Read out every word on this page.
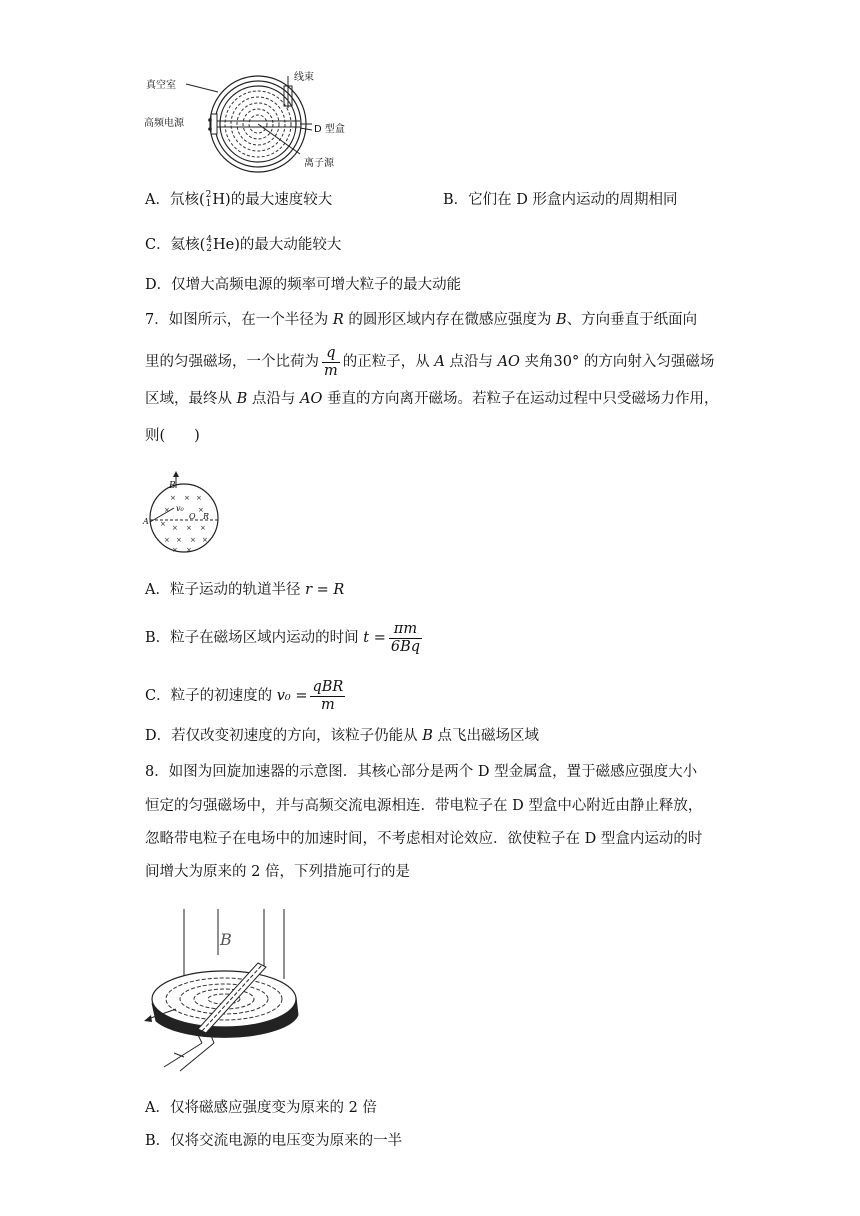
真空室
线束
高频电源
D 型盒
离子源
A．氘核( 2
1 H)的最大速度较大	B．它们在 D 形盒内运动的周期相同
C．氦核( 4
2 He)的最大动能较大
D．仅增大高频电源的频率可增大粒子的最大动能
7．如图所示，在一个半径为 R 的圆形区域内存在微感应强度为 B、方向垂直于纸面向
里的匀强磁场，一个比荷为 $\frac{q}{m}$ 的正粒子，从 A 点沿与 AO 夹角30° 的方向射入匀强磁场
区域，最终从 B 点沿与 AO 垂直的方向离开磁场。若粒子在运动过程中只受磁场力作用，
则(　　)
× × ×
×	×
× × × ×
× × × ×
× ×
B
v₀
O R
A
A．粒子运动的轨道半径 r = R
B．粒子在磁场区域内运动的时间 $t = \frac{\pi m}{6Bq}$
C．粒子的初速度的 $v_0 = \frac{\text{qBR}}{m}$
D．若仅改变初速度的方向，该粒子仍能从 B 点飞出磁场区域
8．如图为回旋加速器的示意图．其核心部分是两个 D 型金属盒，置于磁感应强度大小
恒定的匀强磁场中，并与高频交流电源相连．带电粒子在 D 型盒中心附近由静止释放，
忽略带电粒子在电场中的加速时间，不考虑相对论效应．欲使粒子在 D 型盒内运动的时
间增大为原来的 2 倍，下列措施可行的是
B
A．仅将磁感应强度变为原来的 2 倍
B．仅将交流电源的电压变为原来的一半
